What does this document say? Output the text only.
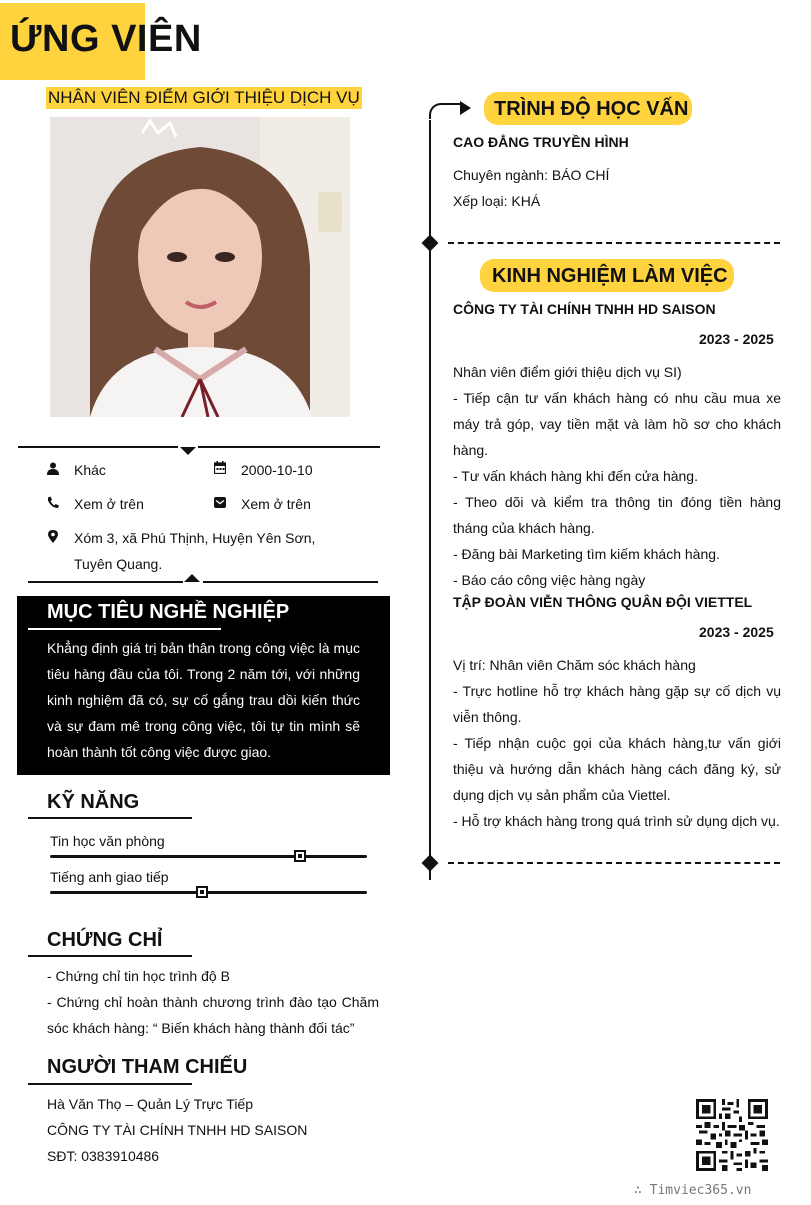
ỨNG VIÊN
NHÂN VIÊN ĐIỂM GIỚI THIỆU DỊCH VỤ
Khác	2000-10-10
Xem ở trên	Xem ở trên
Xóm 3, xã Phú Thịnh, Huyện Yên Sơn,
Tuyên Quang.
MỤC TIÊU NGHỀ NGHIỆP
Khẳng định giá trị bản thân trong công việc là mục tiêu hàng đầu của tôi. Trong 2 năm tới, với những kinh nghiệm đã có, sự cố gắng trau dồi kiến thức và sự đam mê trong công việc, tôi tự tin mình sẽ hoàn thành tốt công việc được giao.
KỸ NĂNG
Tin học văn phòng
Tiếng anh giao tiếp
CHỨNG CHỈ
- Chứng chỉ tin học trình độ B
- Chứng chỉ hoàn thành chương trình đào tạo Chăm sóc khách hàng: “ Biến khách hàng thành đối tác”
NGƯỜI THAM CHIẾU
Hà Văn Thọ – Quản Lý Trực Tiếp
CÔNG TY TÀI CHÍNH TNHH HD SAISON
SĐT: 0383910486
TRÌNH ĐỘ HỌC VẤN
CAO ĐẲNG TRUYỀN HÌNH
Chuyên ngành: BÁO CHÍ
Xếp loại: KHÁ
KINH NGHIỆM LÀM VIỆC
CÔNG TY TÀI CHÍNH TNHH HD SAISON
2023 - 2025
Nhân viên điểm giới thiệu dịch vụ SI)
- Tiếp cận tư vấn khách hàng có nhu cầu mua xe máy trả góp, vay tiền mặt và làm hồ sơ cho khách hàng.
- Tư vấn khách hàng khi đến cửa hàng.
- Theo dõi và kiểm tra thông tin đóng tiền hàng tháng của khách hàng.
- Đăng bài Marketing tìm kiếm khách hàng.
- Báo cáo công việc hàng ngày
TẬP ĐOÀN VIỄN THÔNG QUÂN ĐỘI VIETTEL
2023 - 2025
Vị trí: Nhân viên Chăm sóc khách hàng
- Trực hotline hỗ trợ khách hàng gặp sự cố dịch vụ viễn thông.
- Tiếp nhận cuộc gọi của khách hàng,tư vấn giới thiệu và hướng dẫn khách hàng cách đăng ký, sử dụng dịch vụ sản phẩm của Viettel.
- Hỗ trợ khách hàng trong quá trình sử dụng dịch vụ.
∴ Timviec365.vn
